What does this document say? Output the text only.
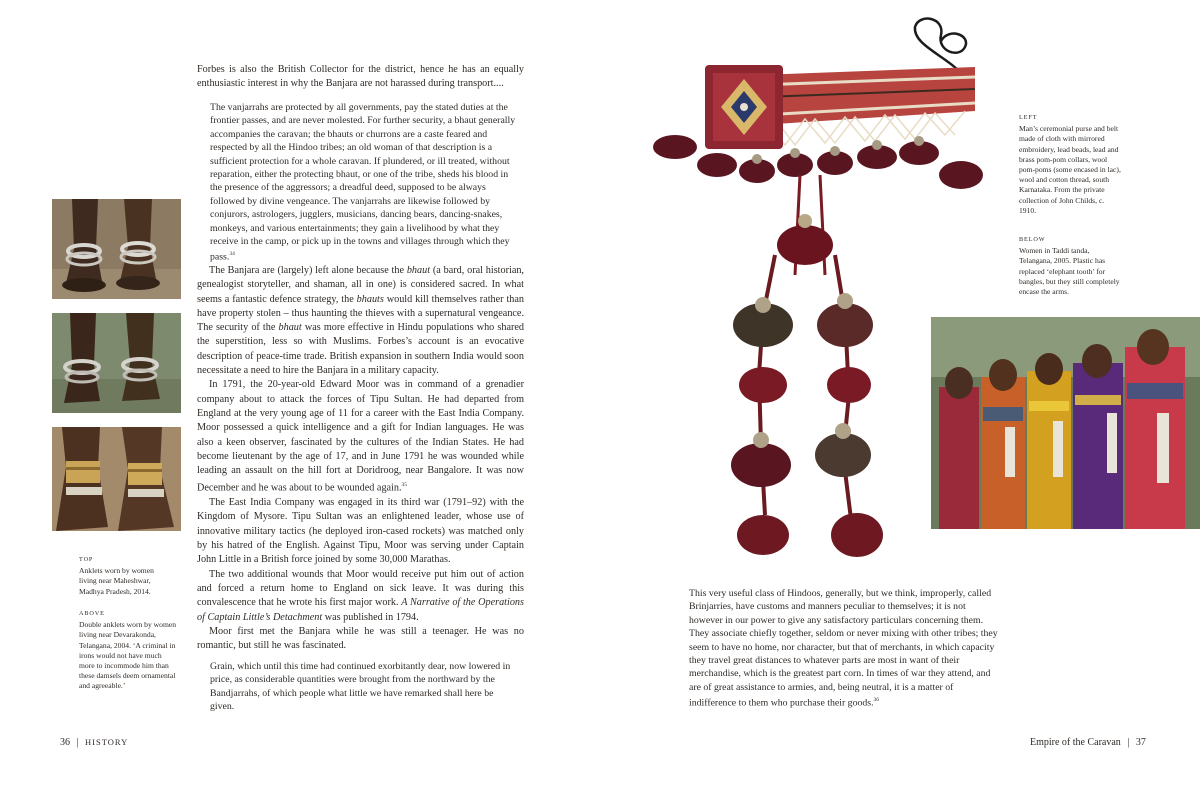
TOP
Anklets worn by women living near Maheshwar, Madhya Pradesh, 2014.
ABOVE
Double anklets worn by women living near Devarakonda, Telangana, 2004. ‘A criminal in irons would not have much more to incommode him than these damsels deem ornamental and agreeable.’

Forbes is also the British Collector for the district, hence he has an equally enthusiastic interest in why the Banjara are not harassed during transport....

The vanjarrahs are protected by all governments, pay the stated duties at the frontier passes, and are never molested. For further security, a bhaut generally accompanies the caravan; the bhauts or churrons are a caste feared and respected by all the Hindoo tribes; an old woman of that description is a sufficient protection for a whole caravan. If plundered, or ill treated, without reparation, either the protecting bhaut, or one of the tribe, sheds his blood in the presence of the aggressors; a dreadful deed, supposed to be always followed by divine vengeance. The vanjarrahs are likewise followed by conjurors, astrologers, jugglers, musicians, dancing bears, dancing-snakes, monkeys, and various entertainments; they gain a livelihood by what they receive in the camp, or pick up in the towns and villages through which they pass.$^{34}$

The Banjara are (largely) left alone because the bhaut (a bard, oral historian, genealogist storyteller, and shaman, all in one) is considered sacred. In what seems a fantastic defence strategy, the bhauts would kill themselves rather than have property stolen – thus haunting the thieves with a supernatural vengeance. The security of the bhaut was more effective in Hindu populations who shared the superstition, less so with Muslims. Forbes’s account is an evocative description of peace-time trade. British expansion in southern India would soon necessitate a need to hire the Banjara in a military capacity.

In 1791, the 20-year-old Edward Moor was in command of a grenadier company about to attack the forces of Tipu Sultan. He had departed from England at the very young age of 11 for a career with the East India Company. Moor possessed a quick intelligence and a gift for Indian languages. He was also a keen observer, fascinated by the cultures of the Indian States. He had become lieutenant by the age of 17, and in June 1791 he was wounded while leading an assault on the hill fort at Doridroog, near Bangalore. It was now December and he was about to be wounded again.$^{35}$

The East India Company was engaged in its third war (1791–92) with the Kingdom of Mysore. Tipu Sultan was an enlightened leader, whose use of innovative military tactics (he deployed iron-cased rockets) was matched only by his hatred of the English. Against Tipu, Moor was serving under Captain John Little in a British force joined by some 30,000 Marathas.

The two additional wounds that Moor would receive put him out of action and forced a return home to England on sick leave. It was during this convalescence that he wrote his first major work. A Narrative of the Operations of Captain Little’s Detachment was published in 1794.

Moor first met the Banjara while he was still a teenager. He was no romantic, but still he was fascinated.

Grain, which until this time had continued exorbitantly dear, now lowered in price, as considerable quantities were brought from the northward by the Bandjarrahs, of which people what little we have remarked shall here be given.

36 | HISTORY
LEFT
Man’s ceremonial purse and belt made of cloth with mirrored embroidery, lead beads, lead and brass pom-pom collars, wool pom-poms (some encased in lac), wool and cotton thread, south Karnataka. From the private collection of John Childs, c. 1910.
BELOW
Women in Taddi tanda, Telangana, 2005. Plastic has replaced ‘elephant tooth’ for bangles, but they still completely encase the arms.

This very useful class of Hindoos, generally, but we think, improperly, called Brinjarries, have customs and manners peculiar to themselves; it is not however in our power to give any satisfactory particulars concerning them. They associate chiefly together, seldom or never mixing with other tribes; they seem to have no home, nor character, but that of merchants, in which capacity they travel great distances to whatever parts are most in want of their merchandise, which is the greatest part corn. In times of war they attend, and are of great assistance to armies, and, being neutral, it is a matter of indifference to them who purchase their goods.$^{36}$

Empire of the Caravan | 37
